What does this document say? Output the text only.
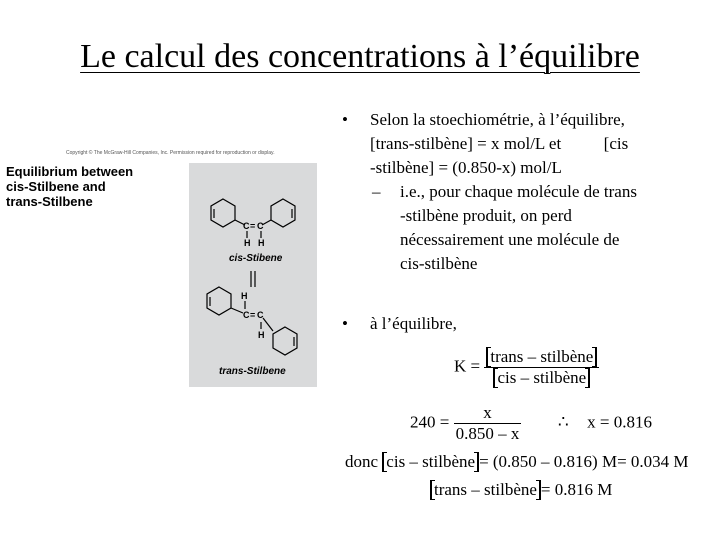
Le calcul des concentrations à l’équilibre
Copyright © The McGraw-Hill Companies, Inc. Permission required for reproduction or display.
Equilibrium between
cis-Stilbene and
trans-Stilbene
C = C
H H
H
C = C
H
cis-Stibene
trans-Stilbene
• Selon la stoechiométrie, à l’équilibre,
[trans-stilbène] = x mol/L et          [cis
-stilbène] = (0.850-x) mol/L
– i.e., pour chaque molécule de trans
-stilbène produit, on perd
nécessairement une molécule de
cis-stilbène
• à l’équilibre,
$K = \frac{\text{trans – stilbène}}{\text{cis – stilbène}}$
$240 = \frac{x}{0.850 - x}$ ∴ x = 0.816
donc cis – stilbène = (0.850 – 0.816) M= 0.034 M
trans – stilbène = 0.816 M
